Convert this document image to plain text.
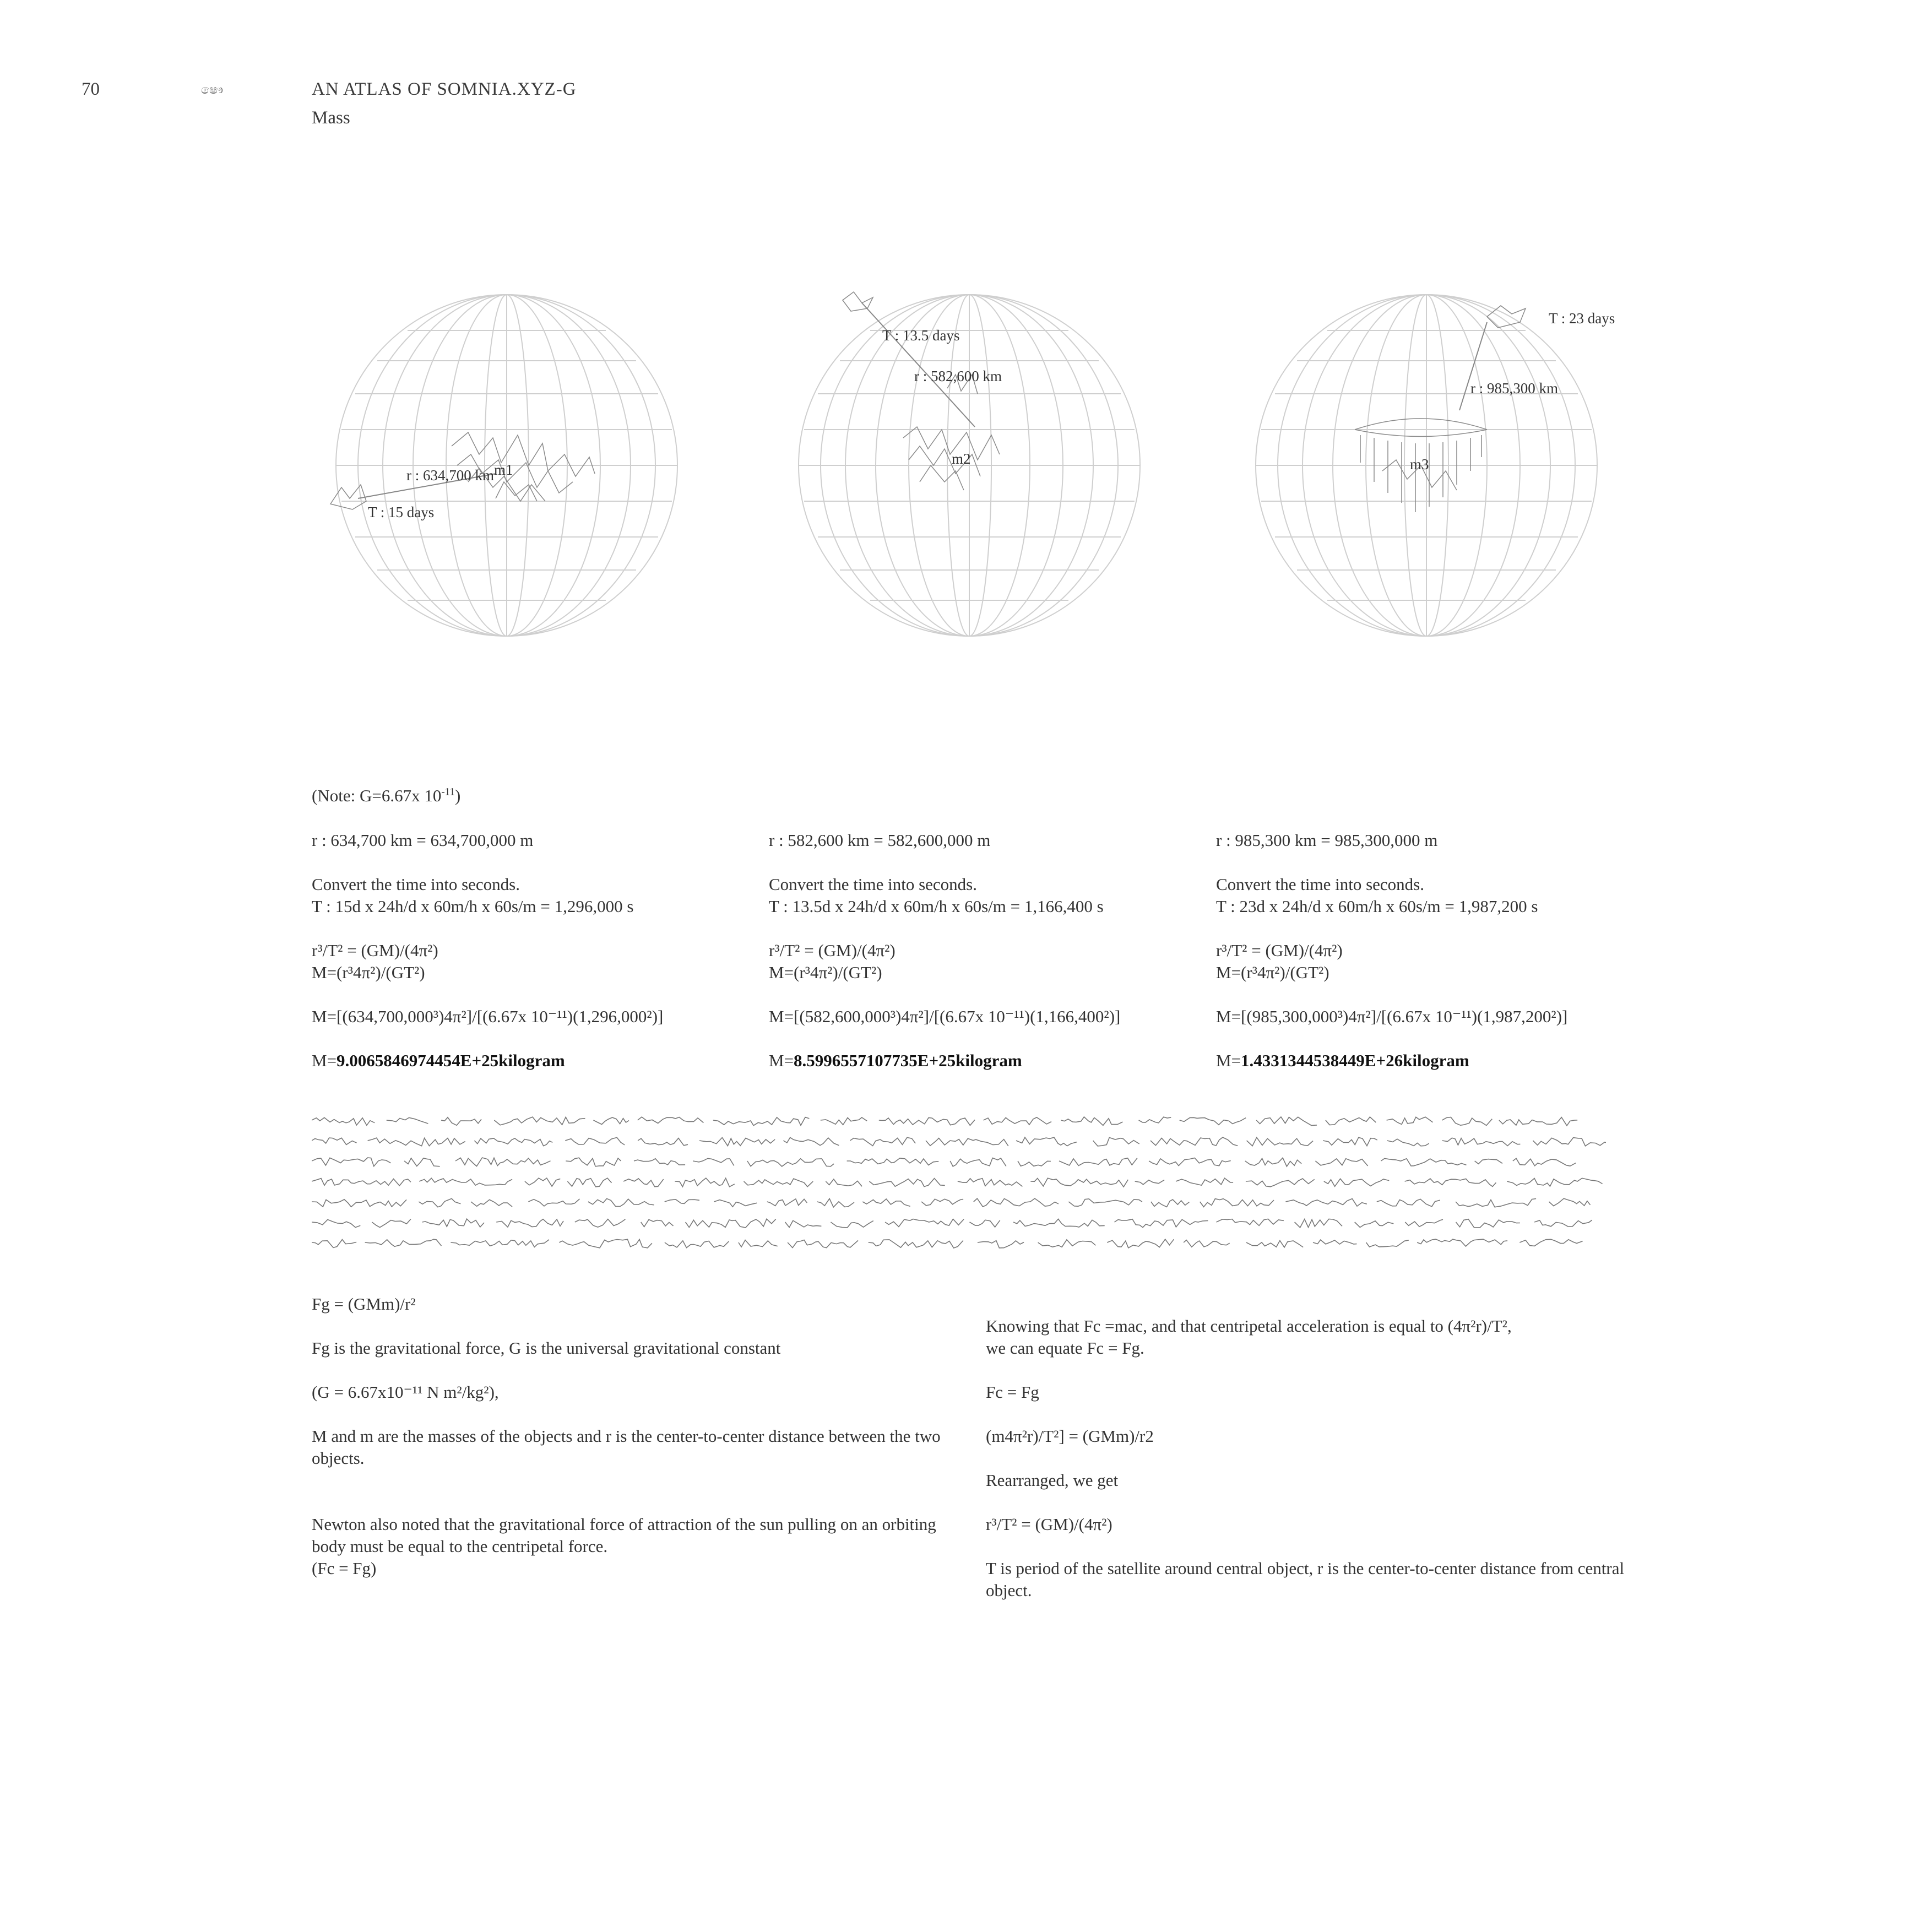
70	ෂෞ	AN ATLAS OF SOMNIA.XYZ-G
Mass
r : 634,700 km m1
T : 15 days
T : 13.5 days
r : 582,600 km
m2
T : 23 days
r : 985,300 km
m3
(Note: G=6.67x $10^{-11}$)

r : 634,700 km = 634,700,000 m

Convert the time into seconds.

T : 15d x 24h/d x 60m/h x 60s/m = 1,296,000 s

r³/T² = (GM)/(4π²)

M=(r³4π²)/(GT²)

M=[(634,700,000³)4π²]/[(6.67x 10⁻¹¹)(1,296,000²)]

M=9.0065846974454E+25kilogram

r : 582,600 km = 582,600,000 m

Convert the time into seconds.

T : 13.5d x 24h/d x 60m/h x 60s/m = 1,166,400 s

r³/T² = (GM)/(4π²)

M=(r³4π²)/(GT²)

M=[(582,600,000³)4π²]/[(6.67x 10⁻¹¹)(1,166,400²)]

M=8.5996557107735E+25kilogram

r : 985,300 km = 985,300,000 m

Convert the time into seconds.

T : 23d x 24h/d x 60m/h x 60s/m = 1,987,200 s

r³/T² = (GM)/(4π²)

M=(r³4π²)/(GT²)

M=[(985,300,000³)4π²]/[(6.67x 10⁻¹¹)(1,987,200²)]

M=1.4331344538449E+26kilogram

Fg = (GMm)/r²

Fg is the gravitational force, G is the universal gravitational constant

(G = 6.67x10⁻¹¹ N m²/kg²),

M and m are the masses of the objects and r is the center-to-center distance between the two objects.

Newton also noted that the gravitational force of attraction of the sun pulling on an orbiting body must be equal to the centripetal force.

(Fc = Fg)

Knowing that Fc =mac, and that centripetal acceleration is equal to (4π²r)/T²,
we can equate Fc = Fg.

Fc = Fg

(m4π²r)/T²] = (GMm)/r2

Rearranged, we get

r³/T² = (GM)/(4π²)

T is period of the satellite around central object, r is the center-to-center distance from central object.
